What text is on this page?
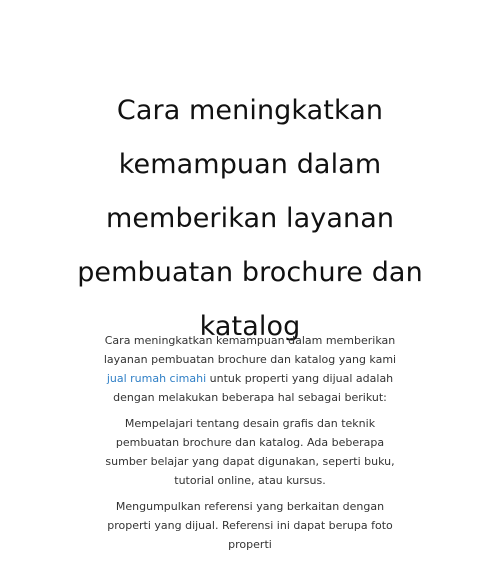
Cara meningkatkan kemampuan dalam memberikan layanan pembuatan brochure dan katalog

Cara meningkatkan kemampuan dalam memberikan layanan pembuatan brochure dan katalog yang kami jual rumah cimahi untuk properti yang dijual adalah dengan melakukan beberapa hal sebagai berikut:

Mempelajari tentang desain grafis dan teknik pembuatan brochure dan katalog. Ada beberapa sumber belajar yang dapat digunakan, seperti buku, tutorial online, atau kursus.

Mengumpulkan referensi yang berkaitan dengan properti yang dijual. Referensi ini dapat berupa foto properti
